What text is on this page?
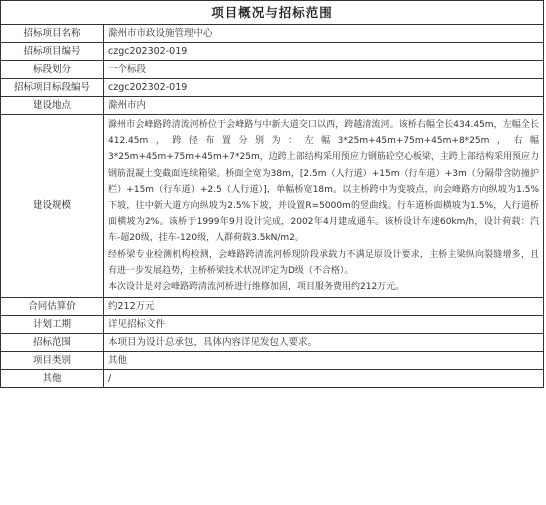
项目概况与招标范围
招标项目名称	滁州市市政设施管理中心
招标项目编号	czgc202302-019
标段划分	一个标段
招标项目标段编号	czgc202302-019
建设地点	滁州市内
建设规模	滁州市会峰路跨清流河桥位于会峰路与中新大道交口以西，跨越清流河。该桥右幅全长434.45m，左幅全长412.45m，跨径布置分别为：左幅3*25m+45m+75m+45m+8*25m，右幅3*25m+45m+75m+45m+7*25m，边跨上部结构采用预应力钢筋砼空心板梁，主跨上部结构采用预应力钢筋混凝土变截面连续箱梁。桥面全宽为38m，[2.5m（人行道）+15m（行车道）+3m（分隔带含防撞护栏）+15m（行车道）+2.5（人行道）]，单幅桥宽18m。以主桥跨中为变坡点，向会峰路方向纵坡为1.5%下坡，往中新大道方向纵坡为2.5%下坡，并设置R=5000m的竖曲线。行车道桥面横坡为1.5%，人行道桥面横坡为2%。该桥于1999年9月设计完成，2002年4月建成通车。该桥设计车速60km/h，设计荷载：汽车-超20级，挂车-120级，人群荷载3.5kN/m2。

经桥梁专业检测机构检测，会峰路跨清流河桥现阶段承载力不满足原设计要求，主桥主梁纵向裂缝增多，且有进一步发展趋势，主桥桥梁技术状况评定为D级（不合格）。

本次设计是对会峰路跨清流河桥进行维修加固，项目服务费用约212万元。

合同估算价	约212万元
计划工期	详见招标文件
招标范围	本项目为设计总承包，具体内容详见发包人要求。
项目类别	其他
其他	/
